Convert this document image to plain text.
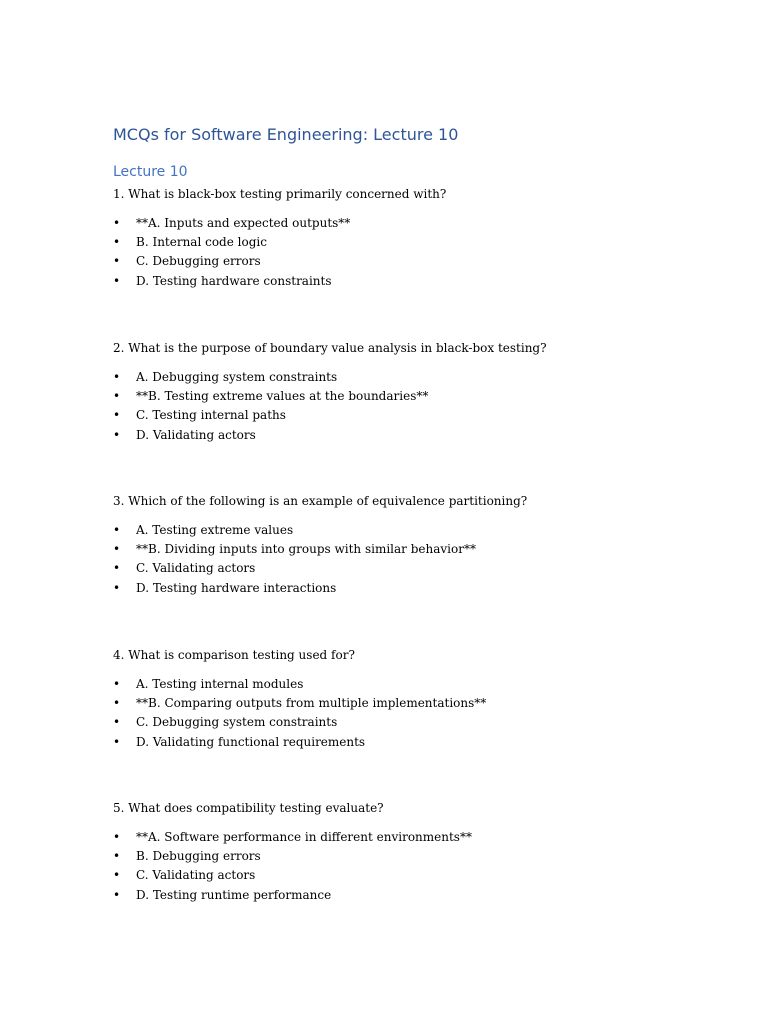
MCQs for Software Engineering: Lecture 10
Lecture 10

1. What is black-box testing primarily concerned with?

• **A. Inputs and expected outputs**
• B. Internal code logic
• C. Debugging errors
• D. Testing hardware constraints

2. What is the purpose of boundary value analysis in black-box testing?

• A. Debugging system constraints
• **B. Testing extreme values at the boundaries**
• C. Testing internal paths
• D. Validating actors

3. Which of the following is an example of equivalence partitioning?

• A. Testing extreme values
• **B. Dividing inputs into groups with similar behavior**
• C. Validating actors
• D. Testing hardware interactions

4. What is comparison testing used for?

• A. Testing internal modules
• **B. Comparing outputs from multiple implementations**
• C. Debugging system constraints
• D. Validating functional requirements

5. What does compatibility testing evaluate?

• **A. Software performance in different environments**
• B. Debugging errors
• C. Validating actors
• D. Testing runtime performance
